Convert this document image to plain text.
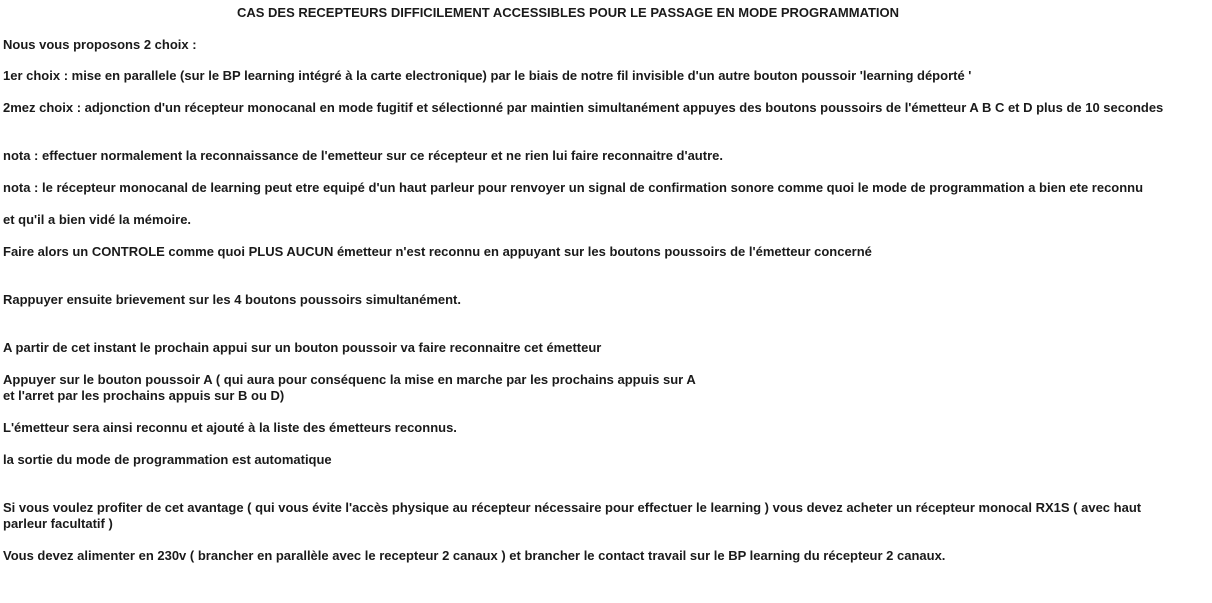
CAS DES RECEPTEURS DIFFICILEMENT ACCESSIBLES POUR LE PASSAGE EN MODE PROGRAMMATION
Nous vous proposons 2 choix :
1er choix : mise en parallele (sur le BP learning intégré à la carte electronique) par le biais de notre fil invisible d'un autre bouton poussoir 'learning déporté '
2mez choix : adjonction d'un récepteur monocanal en mode fugitif et sélectionné par maintien simultanément appuyes des boutons poussoirs de l'émetteur A B C et D plus de 10 secondes
nota : effectuer normalement la reconnaissance de l'emetteur sur ce récepteur et ne rien lui faire reconnaitre d'autre.
nota : le récepteur monocanal de learning peut etre equipé d'un haut parleur pour renvoyer un signal de confirmation sonore comme quoi le mode de programmation a bien ete reconnu
et qu'il a bien vidé la mémoire.
Faire alors un CONTROLE comme quoi PLUS AUCUN émetteur n'est reconnu en appuyant sur les boutons poussoirs de l'émetteur concerné
Rappuyer ensuite brievement sur les 4 boutons poussoirs simultanément.
A partir de cet instant le prochain appui sur un bouton poussoir va faire reconnaitre cet émetteur
Appuyer sur le bouton poussoir A ( qui aura pour conséquenc la mise en marche par les prochains appuis sur A
et l'arret par les prochains appuis sur B ou D)
L'émetteur sera ainsi reconnu et ajouté à la liste des émetteurs reconnus.
la sortie du mode de programmation est automatique
Si vous voulez profiter de cet avantage ( qui vous évite l'accès physique au récepteur nécessaire pour effectuer le learning ) vous devez acheter un récepteur monocal RX1S ( avec haut
parleur facultatif )
Vous devez alimenter en 230v ( brancher en parallèle avec le recepteur 2 canaux ) et brancher le contact travail sur le BP learning du récepteur 2 canaux.
